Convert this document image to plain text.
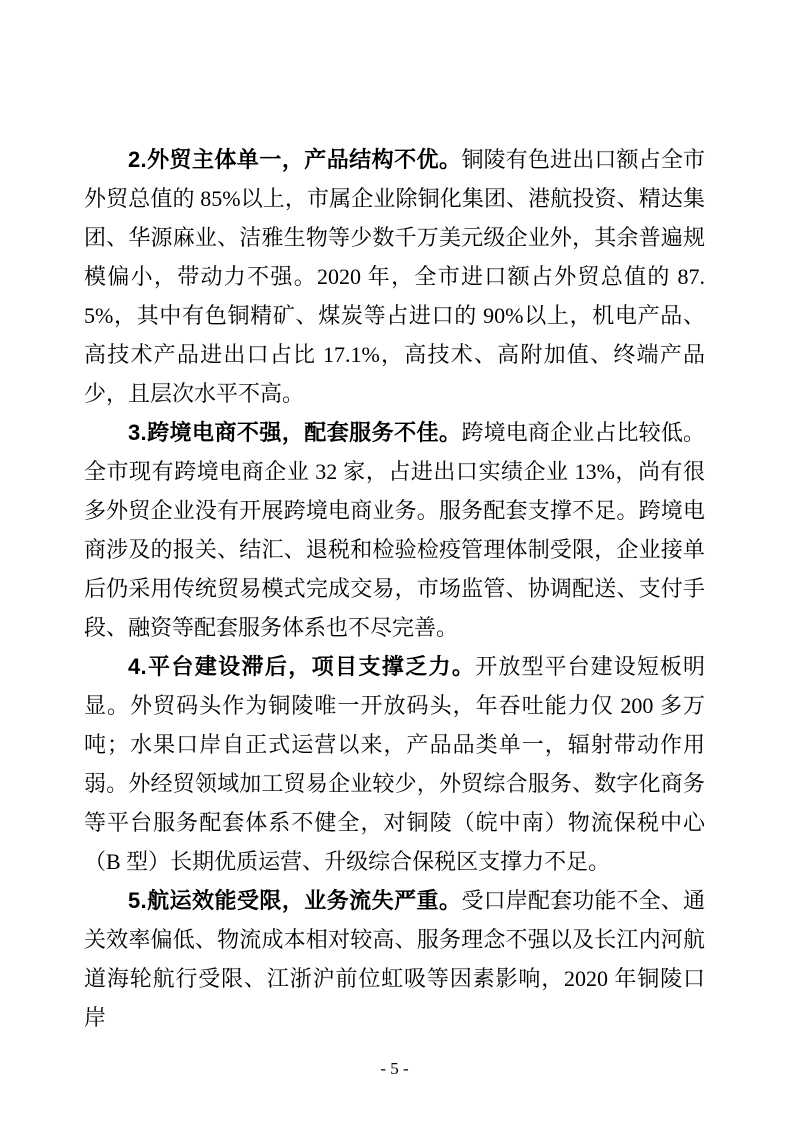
2.外贸主体单一，产品结构不优。铜陵有色进出口额占全市外贸总值的 85%以上，市属企业除铜化集团、港航投资、精达集团、华源麻业、洁雅生物等少数千万美元级企业外，其余普遍规模偏小，带动力不强。2020 年，全市进口额占外贸总值的 87.5%，其中有色铜精矿、煤炭等占进口的 90%以上，机电产品、高技术产品进出口占比 17.1%，高技术、高附加值、终端产品少，且层次水平不高。

3.跨境电商不强，配套服务不佳。跨境电商企业占比较低。全市现有跨境电商企业 32 家，占进出口实绩企业 13%，尚有很多外贸企业没有开展跨境电商业务。服务配套支撑不足。跨境电商涉及的报关、结汇、退税和检验检疫管理体制受限，企业接单后仍采用传统贸易模式完成交易，市场监管、协调配送、支付手段、融资等配套服务体系也不尽完善。

4.平台建设滞后，项目支撑乏力。开放型平台建设短板明显。外贸码头作为铜陵唯一开放码头，年吞吐能力仅 200 多万吨；水果口岸自正式运营以来，产品品类单一，辐射带动作用弱。外经贸领域加工贸易企业较少，外贸综合服务、数字化商务等平台服务配套体系不健全，对铜陵（皖中南）物流保税中心（B 型）长期优质运营、升级综合保税区支撑力不足。

5.航运效能受限，业务流失严重。受口岸配套功能不全、通关效率偏低、物流成本相对较高、服务理念不强以及长江内河航道海轮航行受限、江浙沪前位虹吸等因素影响，2020 年铜陵口岸

- 5 -
